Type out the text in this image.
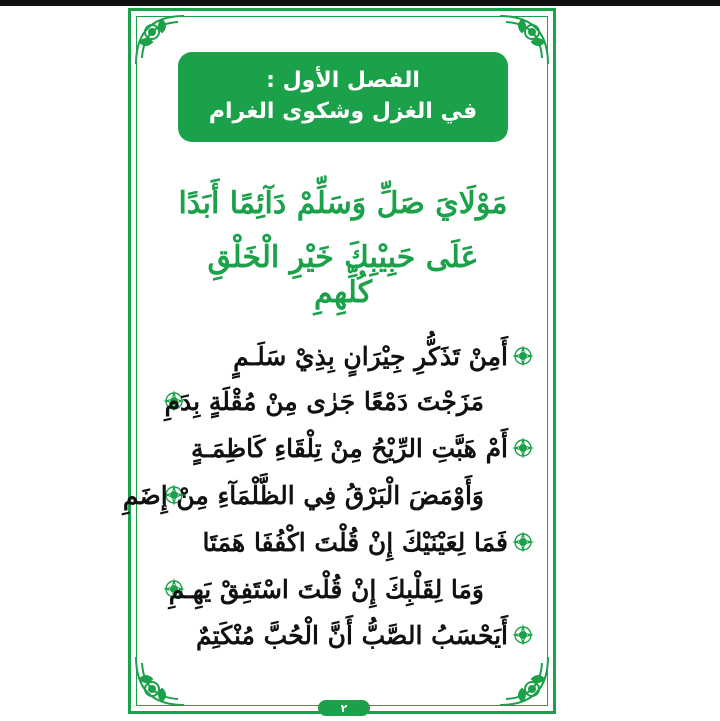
الفصل الأول :
في الغزل وشكوى الغرام
مَوْلَايَ صَلِّ وَسَلِّمْ دَآئِمًا أَبَدًا
عَلَى حَبِيْبِكَ خَيْرِ الْخَلْقِ كُلِّهِمِ
أَمِنْ تَذَكُّرِ جِيْرَانٍ بِذِيْ سَلَـمٍ
مَزَجْتَ دَمْعًا جَرٰى مِنْ مُقْلَةٍ بِدَمِ
أَمْ هَبَّتِ الرِّيْحُ مِنْ تِلْقَاءِ كَاظِمَـةٍ
وَأَوْمَضَ الْبَرْقُ فِي الظَّلْمَآءِ مِنْ إِضَمِ
فَمَا لِعَيْنَيْكَ إِنْ قُلْتَ اكْفُفَا هَمَتَا
وَمَا لِقَلْبِكَ إِنْ قُلْتَ اسْتَفِقْ يَهِـمِ
أَيَحْسَبُ الصَّبُّ أَنَّ الْحُبَّ مُنْكَتِمٌ
٢
